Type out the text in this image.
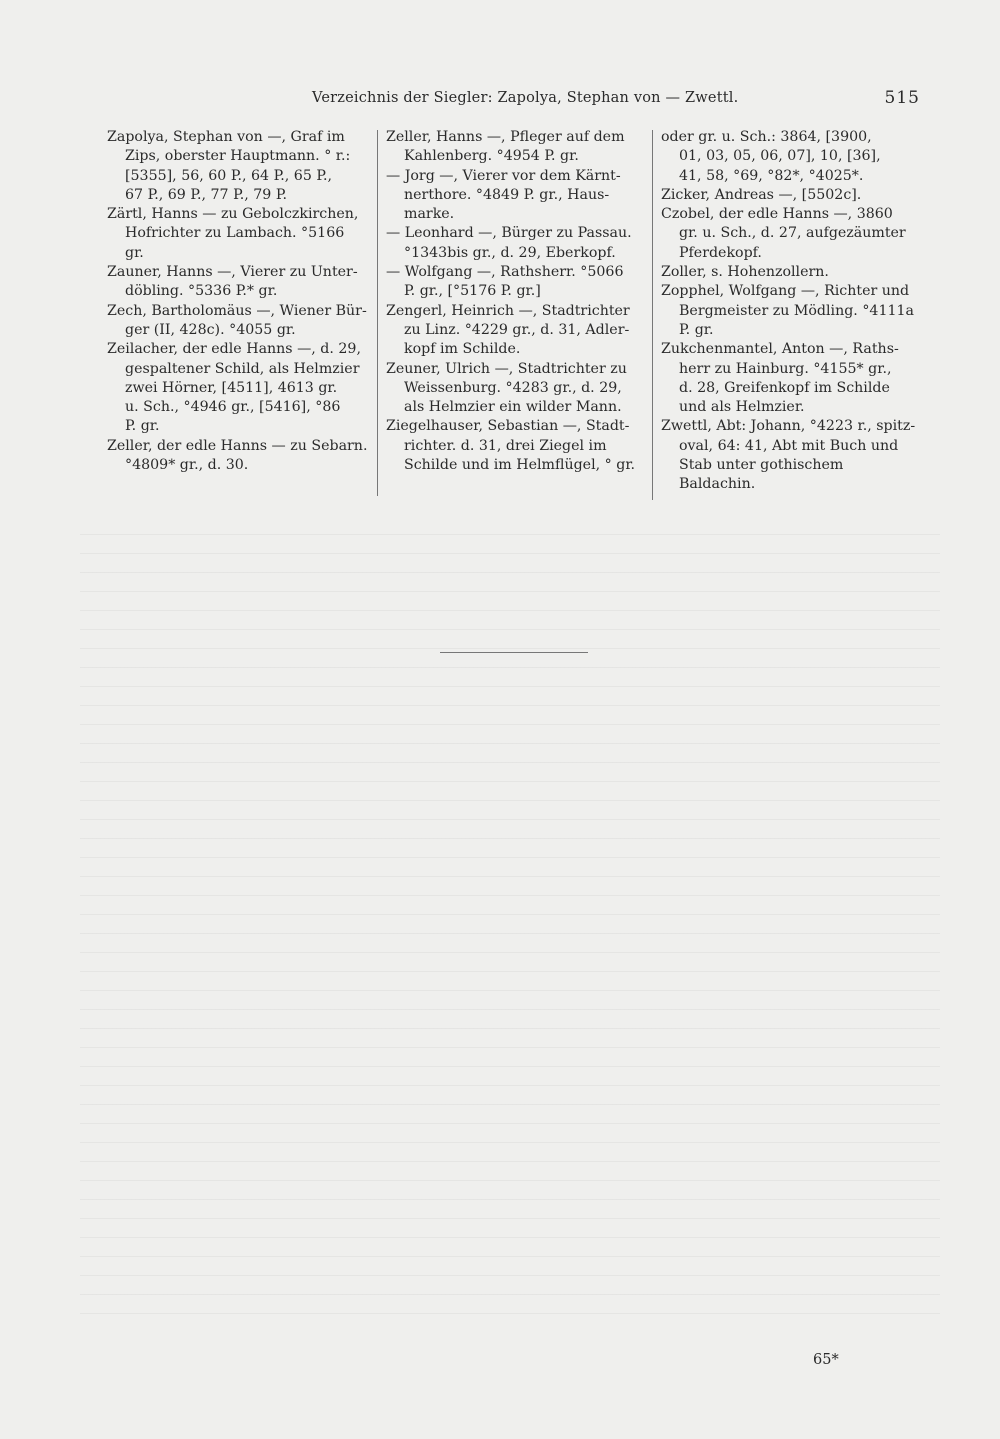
Verzeichnis der Siegler: Zapolya, Stephan von — Zwettl.	515
Zapolya, Stephan von —, Graf im
Zips, oberster Hauptmann. ° r.:
[5355], 56, 60 P., 64 P., 65 P.,
67 P., 69 P., 77 P., 79 P.
Zärtl, Hanns — zu Gebolczkirchen,
Hofrichter zu Lambach. °5166
gr.
Zauner, Hanns —, Vierer zu Unter-
döbling. °5336 P.* gr.
Zech, Bartholomäus —, Wiener Bür-
ger (II, 428c). °4055 gr.
Zeilacher, der edle Hanns —, d. 29,
gespaltener Schild, als Helmzier
zwei Hörner, [4511], 4613 gr.
u. Sch., °4946 gr., [5416], °86
P. gr.
Zeller, der edle Hanns — zu Sebarn.
°4809* gr., d. 30.
Zeller, Hanns —, Pfleger auf dem
Kahlenberg. °4954 P. gr.
— Jorg —, Vierer vor dem Kärnt-
nerthore. °4849 P. gr., Haus-
marke.
— Leonhard —, Bürger zu Passau.
°1343bis gr., d. 29, Eberkopf.
— Wolfgang —, Rathsherr. °5066
P. gr., [°5176 P. gr.]
Zengerl, Heinrich —, Stadtrichter
zu Linz. °4229 gr., d. 31, Adler-
kopf im Schilde.
Zeuner, Ulrich —, Stadtrichter zu
Weissenburg. °4283 gr., d. 29,
als Helmzier ein wilder Mann.
Ziegelhauser, Sebastian —, Stadt-
richter. d. 31, drei Ziegel im
Schilde und im Helmflügel, ° gr.
oder gr. u. Sch.: 3864, [3900,
01, 03, 05, 06, 07], 10, [36],
41, 58, °69, °82*, °4025*.
Zicker, Andreas —, [5502c].
Czobel, der edle Hanns —, 3860
gr. u. Sch., d. 27, aufgezäumter
Pferdekopf.
Zoller, s. Hohenzollern.
Zopphel, Wolfgang —, Richter und
Bergmeister zu Mödling. °4111a
P. gr.
Zukchenmantel, Anton —, Raths-
herr zu Hainburg. °4155* gr.,
d. 28, Greifenkopf im Schilde
und als Helmzier.
Zwettl, Abt: Johann, °4223 r., spitz-
oval, 64: 41, Abt mit Buch und
Stab unter gothischem Baldachin.
65*
